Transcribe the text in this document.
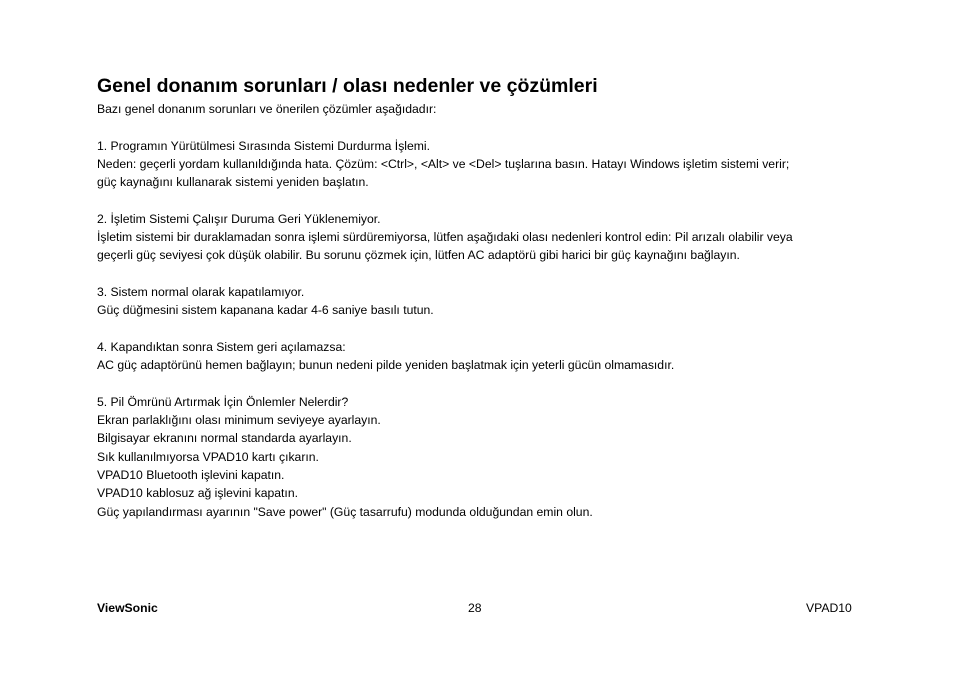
Genel donanım sorunları / olası nedenler ve çözümleri

Bazı genel donanım sorunları ve önerilen çözümler aşağıdadır:

1. Programın Yürütülmesi Sırasında Sistemi Durdurma İşlemi.

Neden: geçerli yordam kullanıldığında hata. Çözüm: <Ctrl>, <Alt> ve <Del> tuşlarına basın. Hatayı Windows işletim sistemi verir;

güç kaynağını kullanarak sistemi yeniden başlatın.

2. İşletim Sistemi Çalışır Duruma Geri Yüklenemiyor.

İşletim sistemi bir duraklamadan sonra işlemi sürdüremiyorsa, lütfen aşağıdaki olası nedenleri kontrol edin: Pil arızalı olabilir veya

geçerli güç seviyesi çok düşük olabilir. Bu sorunu çözmek için, lütfen AC adaptörü gibi harici bir güç kaynağını bağlayın.

3. Sistem normal olarak kapatılamıyor.

Güç düğmesini sistem kapanana kadar 4-6 saniye basılı tutun.

4. Kapandıktan sonra Sistem geri açılamazsa:

AC güç adaptörünü hemen bağlayın; bunun nedeni pilde yeniden başlatmak için yeterli gücün olmamasıdır.

5. Pil Ömrünü Artırmak İçin Önlemler Nelerdir?

Ekran parlaklığını olası minimum seviyeye ayarlayın.

Bilgisayar ekranını normal standarda ayarlayın.

Sık kullanılmıyorsa VPAD10 kartı çıkarın.

VPAD10 Bluetooth işlevini kapatın.

VPAD10 kablosuz ağ işlevini kapatın.

Güç yapılandırması ayarının "Save power" (Güç tasarrufu) modunda olduğundan emin olun.

ViewSonic	28	VPAD10
